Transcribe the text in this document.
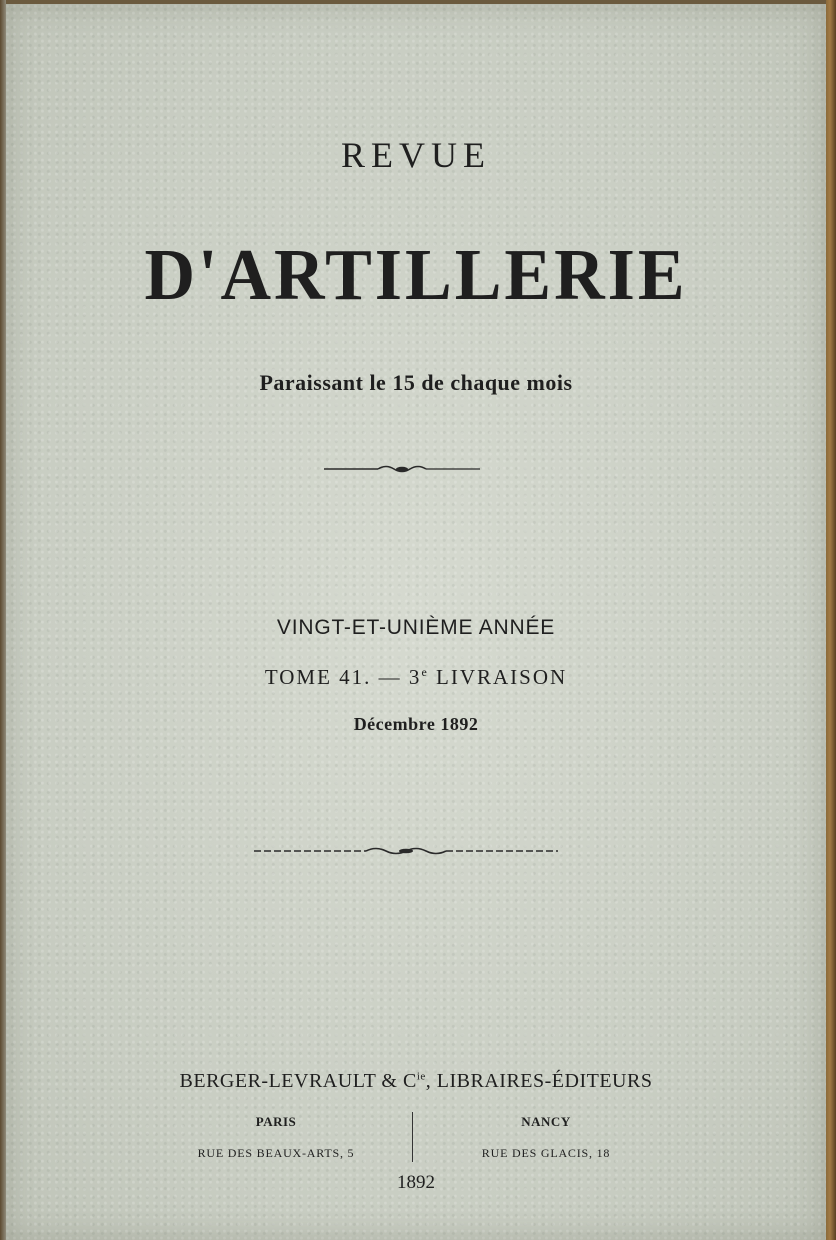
REVUE
D'ARTILLERIE
Paraissant le 15 de chaque mois
VINGT-ET-UNIÈME ANNÉE
TOME 41. — 3e LIVRAISON
Décembre 1892
BERGER-LEVRAULT & $C^{ie}$, LIBRAIRES-ÉDITEURS
PARIS
RUE DES BEAUX-ARTS, 5
NANCY
RUE DES GLACIS, 18
1892
